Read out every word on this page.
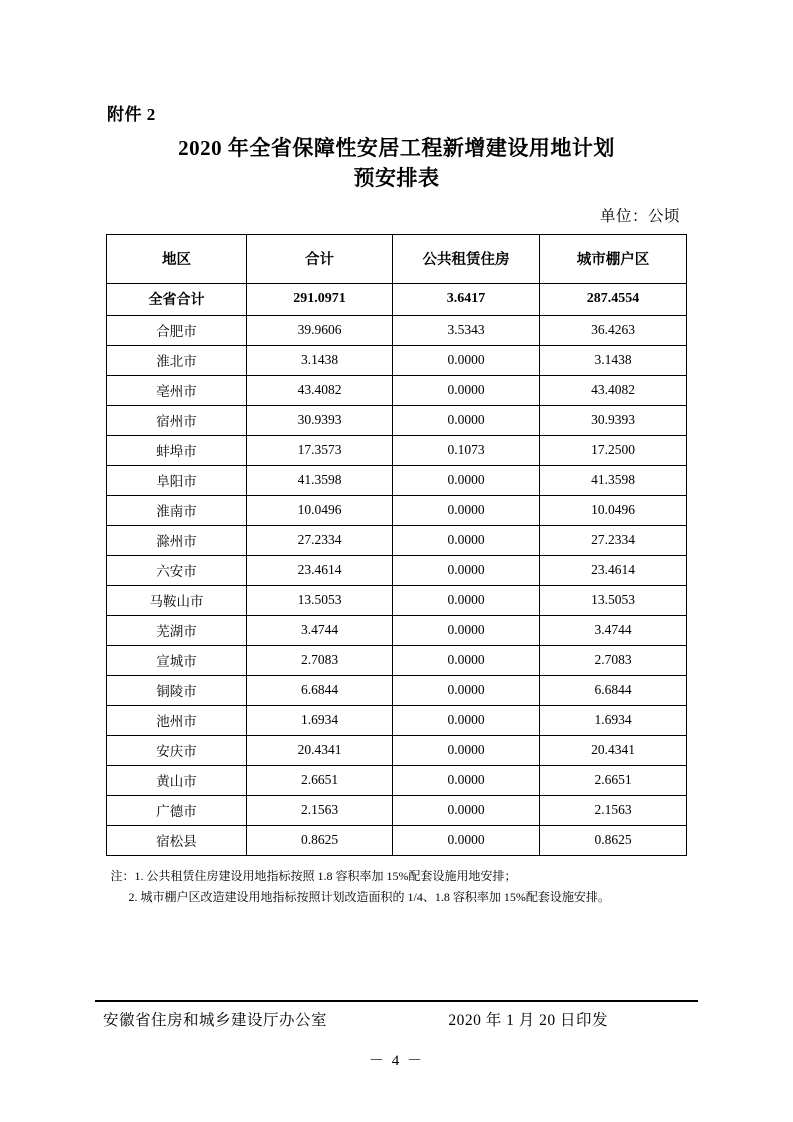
附件 2
2020 年全省保障性安居工程新增建设用地计划
预安排表
单位：公顷
地区	合计	公共租赁住房	城市棚户区
全省合计	291.0971	3.6417	287.4554
合肥市	39.9606	3.5343	36.4263
淮北市	3.1438	0.0000	3.1438
亳州市	43.4082	0.0000	43.4082
宿州市	30.9393	0.0000	30.9393
蚌埠市	17.3573	0.1073	17.2500
阜阳市	41.3598	0.0000	41.3598
淮南市	10.0496	0.0000	10.0496
滁州市	27.2334	0.0000	27.2334
六安市	23.4614	0.0000	23.4614
马鞍山市	13.5053	0.0000	13.5053
芜湖市	3.4744	0.0000	3.4744
宣城市	2.7083	0.0000	2.7083
铜陵市	6.6844	0.0000	6.6844
池州市	1.6934	0.0000	1.6934
安庆市	20.4341	0.0000	20.4341
黄山市	2.6651	0.0000	2.6651
广德市	2.1563	0.0000	2.1563
宿松县	0.8625	0.0000	0.8625
注：1. 公共租赁住房建设用地指标按照 1.8 容积率加 15%配套设施用地安排；
2. 城市棚户区改造建设用地指标按照计划改造面积的 1/4、1.8 容积率加 15%配套设施安排。
安徽省住房和城乡建设厅办公室	2020 年 1 月 20 日印发
－ 4 －
